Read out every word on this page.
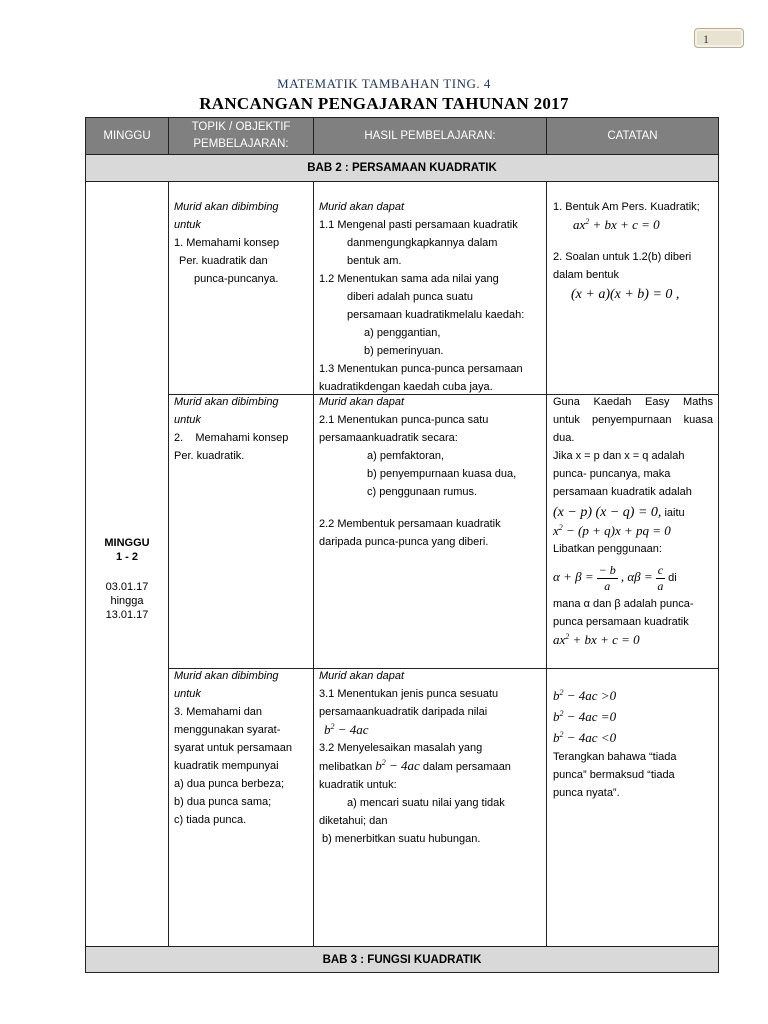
1
MATEMATIK TAMBAHAN TING. 4
RANCANGAN PENGAJARAN TAHUNAN 2017
MINGGU
TOPIK / OBJEKTIF
PEMBELAJARAN:
HASIL PEMBELAJARAN:	CATATAN
BAB 2 : PERSAMAAN KUADRATIK
MINGGU
1 - 2
03.01.17
hingga
13.01.17

Murid akan dibimbing

untuk

1. Memahami konsep

Per. kuadratik dan

punca-puncanya.

Murid akan dapat

1.1 Mengenal pasti persamaan kuadratik

danmengungkapkannya dalam

bentuk am.

1.2 Menentukan sama ada nilai yang

diberi adalah punca suatu

persamaan kuadratikmelalu kaedah:

a) penggantian,

b) pemerinyuan.

1.3 Menentukan punca-punca persamaan

kuadratikdengan kaedah cuba jaya.

1. Bentuk Am Pers. Kuadratik;

$ax^2$ + bx + c = 0

2. Soalan untuk 1.2(b) diberi

dalam bentuk

(x + a)(x + b) = 0 ,

Murid akan dibimbing

untuk

2.    Memahami konsep

Per. kuadratik.

Murid akan dapat

2.1 Menentukan punca-punca satu

persamaankuadratik secara:

a) pemfaktoran,

b) penyempurnaan kuasa dua,

c) penggunaan rumus.

2.2 Membentuk persamaan kuadratik

daripada punca-punca yang diberi.

Guna Kaedah Easy Maths

untuk penyempurnaan kuasa

dua.

Jika x = p dan x = q adalah

punca- puncanya, maka

persamaan kuadratik adalah

(x − p) (x − q) = 0, iaitu

$x^2 - (p + q)x$ + pq = 0

Libatkan penggunaan:

$\alpha + \beta = \frac{- b}{a}$ , $\alpha\beta = \frac{c}{a}$ di

mana α dan β adalah punca-

punca persamaan kuadratik

$ax^2$ + bx + c = 0

Murid akan dibimbing

untuk

3. Memahami dan

menggunakan syarat-

syarat untuk persamaan

kuadratik mempunyai

a) dua punca berbeza;

b) dua punca sama;

c) tiada punca.

Murid akan dapat

3.1 Menentukan jenis punca sesuatu

persamaankuadratik daripada nilai

$b^2 - 4ac$

3.2 Menyelesaikan masalah yang

melibatkan $b^2 - 4ac$ dalam persamaan

kuadratik untuk:

a) mencari suatu nilai yang tidak

diketahui; dan

b) menerbitkan suatu hubungan.

$b^2 - 4ac >0$

$b^2 - 4ac =0$

$b^2 - 4ac <0$

Terangkan bahawa “tiada

punca” bermaksud “tiada

punca nyata”.

BAB 3 : FUNGSI KUADRATIK
